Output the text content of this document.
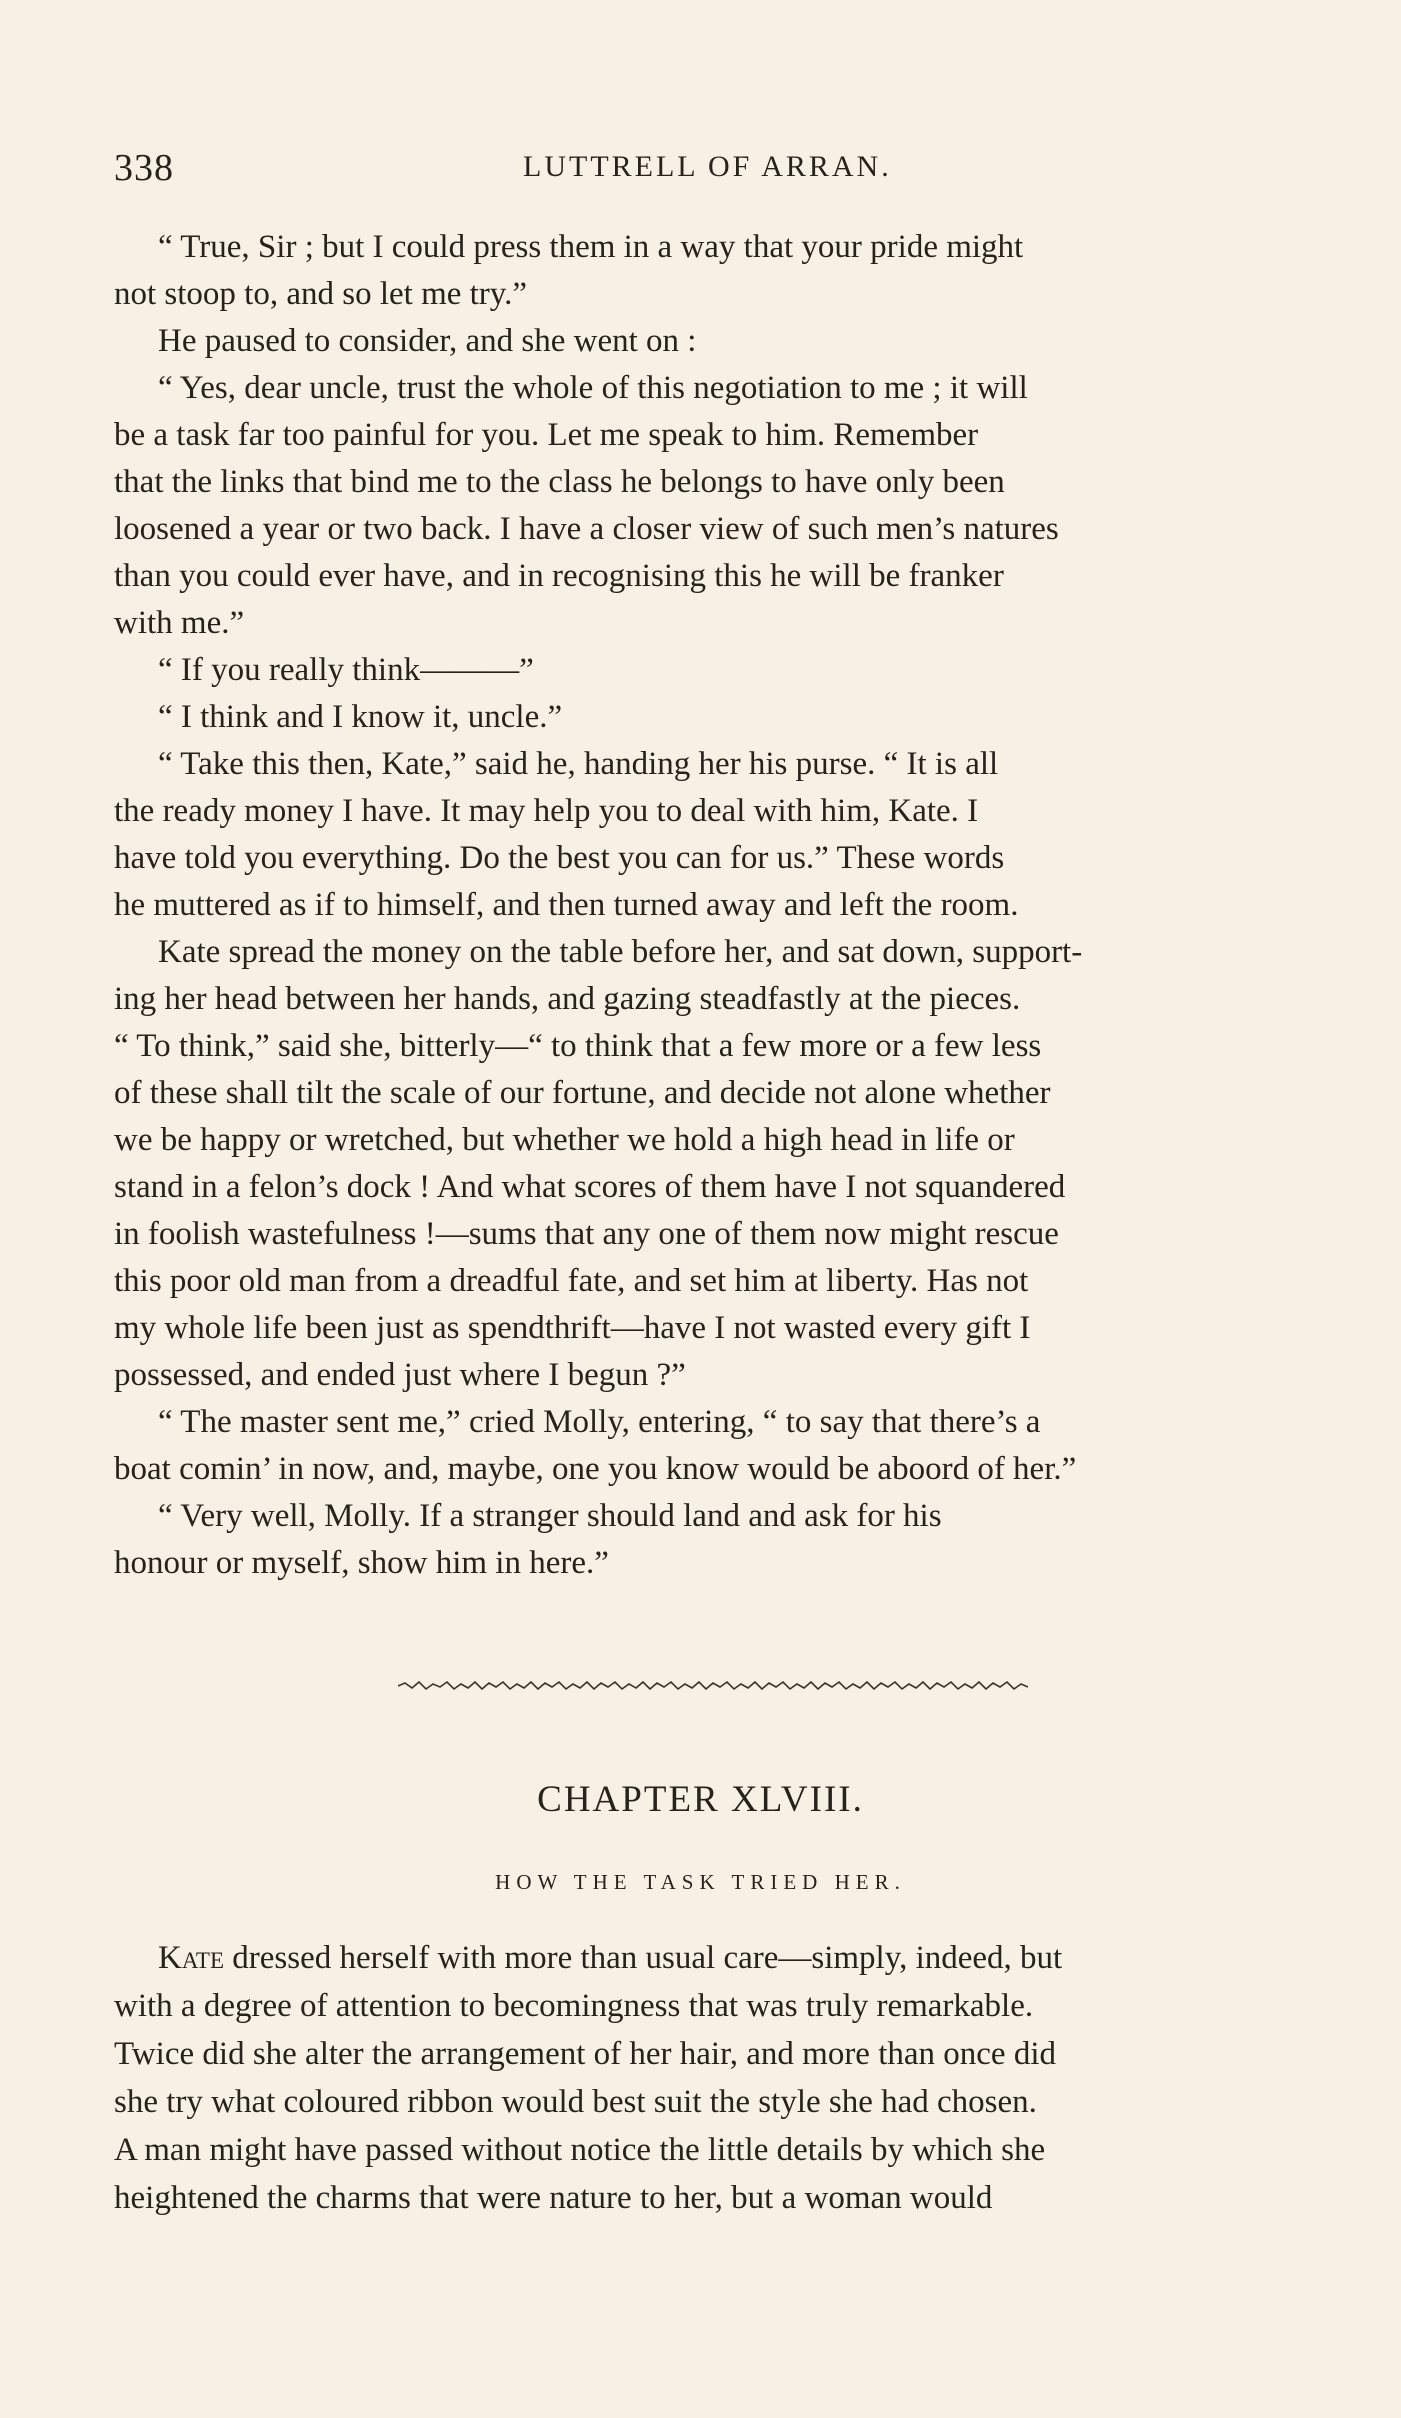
338	LUTTRELL OF ARRAN.
“ True, Sir ; but I could press them in a way that your pride might
not stoop to, and so let me try.”
He paused to consider, and she went on :
“ Yes, dear uncle, trust the whole of this negotiation to me ; it will
be a task far too painful for you. Let me speak to him. Remember
that the links that bind me to the class he belongs to have only been
loosened a year or two back. I have a closer view of such men’s natures
than you could ever have, and in recognising this he will be franker
with me.”
“ If you really think———”
“ I think and I know it, uncle.”
“ Take this then, Kate,” said he, handing her his purse. “ It is all
the ready money I have. It may help you to deal with him, Kate. I
have told you everything. Do the best you can for us.” These words
he muttered as if to himself, and then turned away and left the room.
Kate spread the money on the table before her, and sat down, support-
ing her head between her hands, and gazing steadfastly at the pieces.
“ To think,” said she, bitterly—“ to think that a few more or a few less
of these shall tilt the scale of our fortune, and decide not alone whether
we be happy or wretched, but whether we hold a high head in life or
stand in a felon’s dock ! And what scores of them have I not squandered
in foolish wastefulness !—sums that any one of them now might rescue
this poor old man from a dreadful fate, and set him at liberty. Has not
my whole life been just as spendthrift—have I not wasted every gift I
possessed, and ended just where I begun ?”
“ The master sent me,” cried Molly, entering, “ to say that there’s a
boat comin’ in now, and, maybe, one you know would be aboord of her.”
“ Very well, Molly. If a stranger should land and ask for his
honour or myself, show him in here.”
CHAPTER XLVIII.
HOW THE TASK TRIED HER.
Kate dressed herself with more than usual care—simply, indeed, but
with a degree of attention to becomingness that was truly remarkable.
Twice did she alter the arrangement of her hair, and more than once did
she try what coloured ribbon would best suit the style she had chosen.
A man might have passed without notice the little details by which she
heightened the charms that were nature to her, but a woman would
